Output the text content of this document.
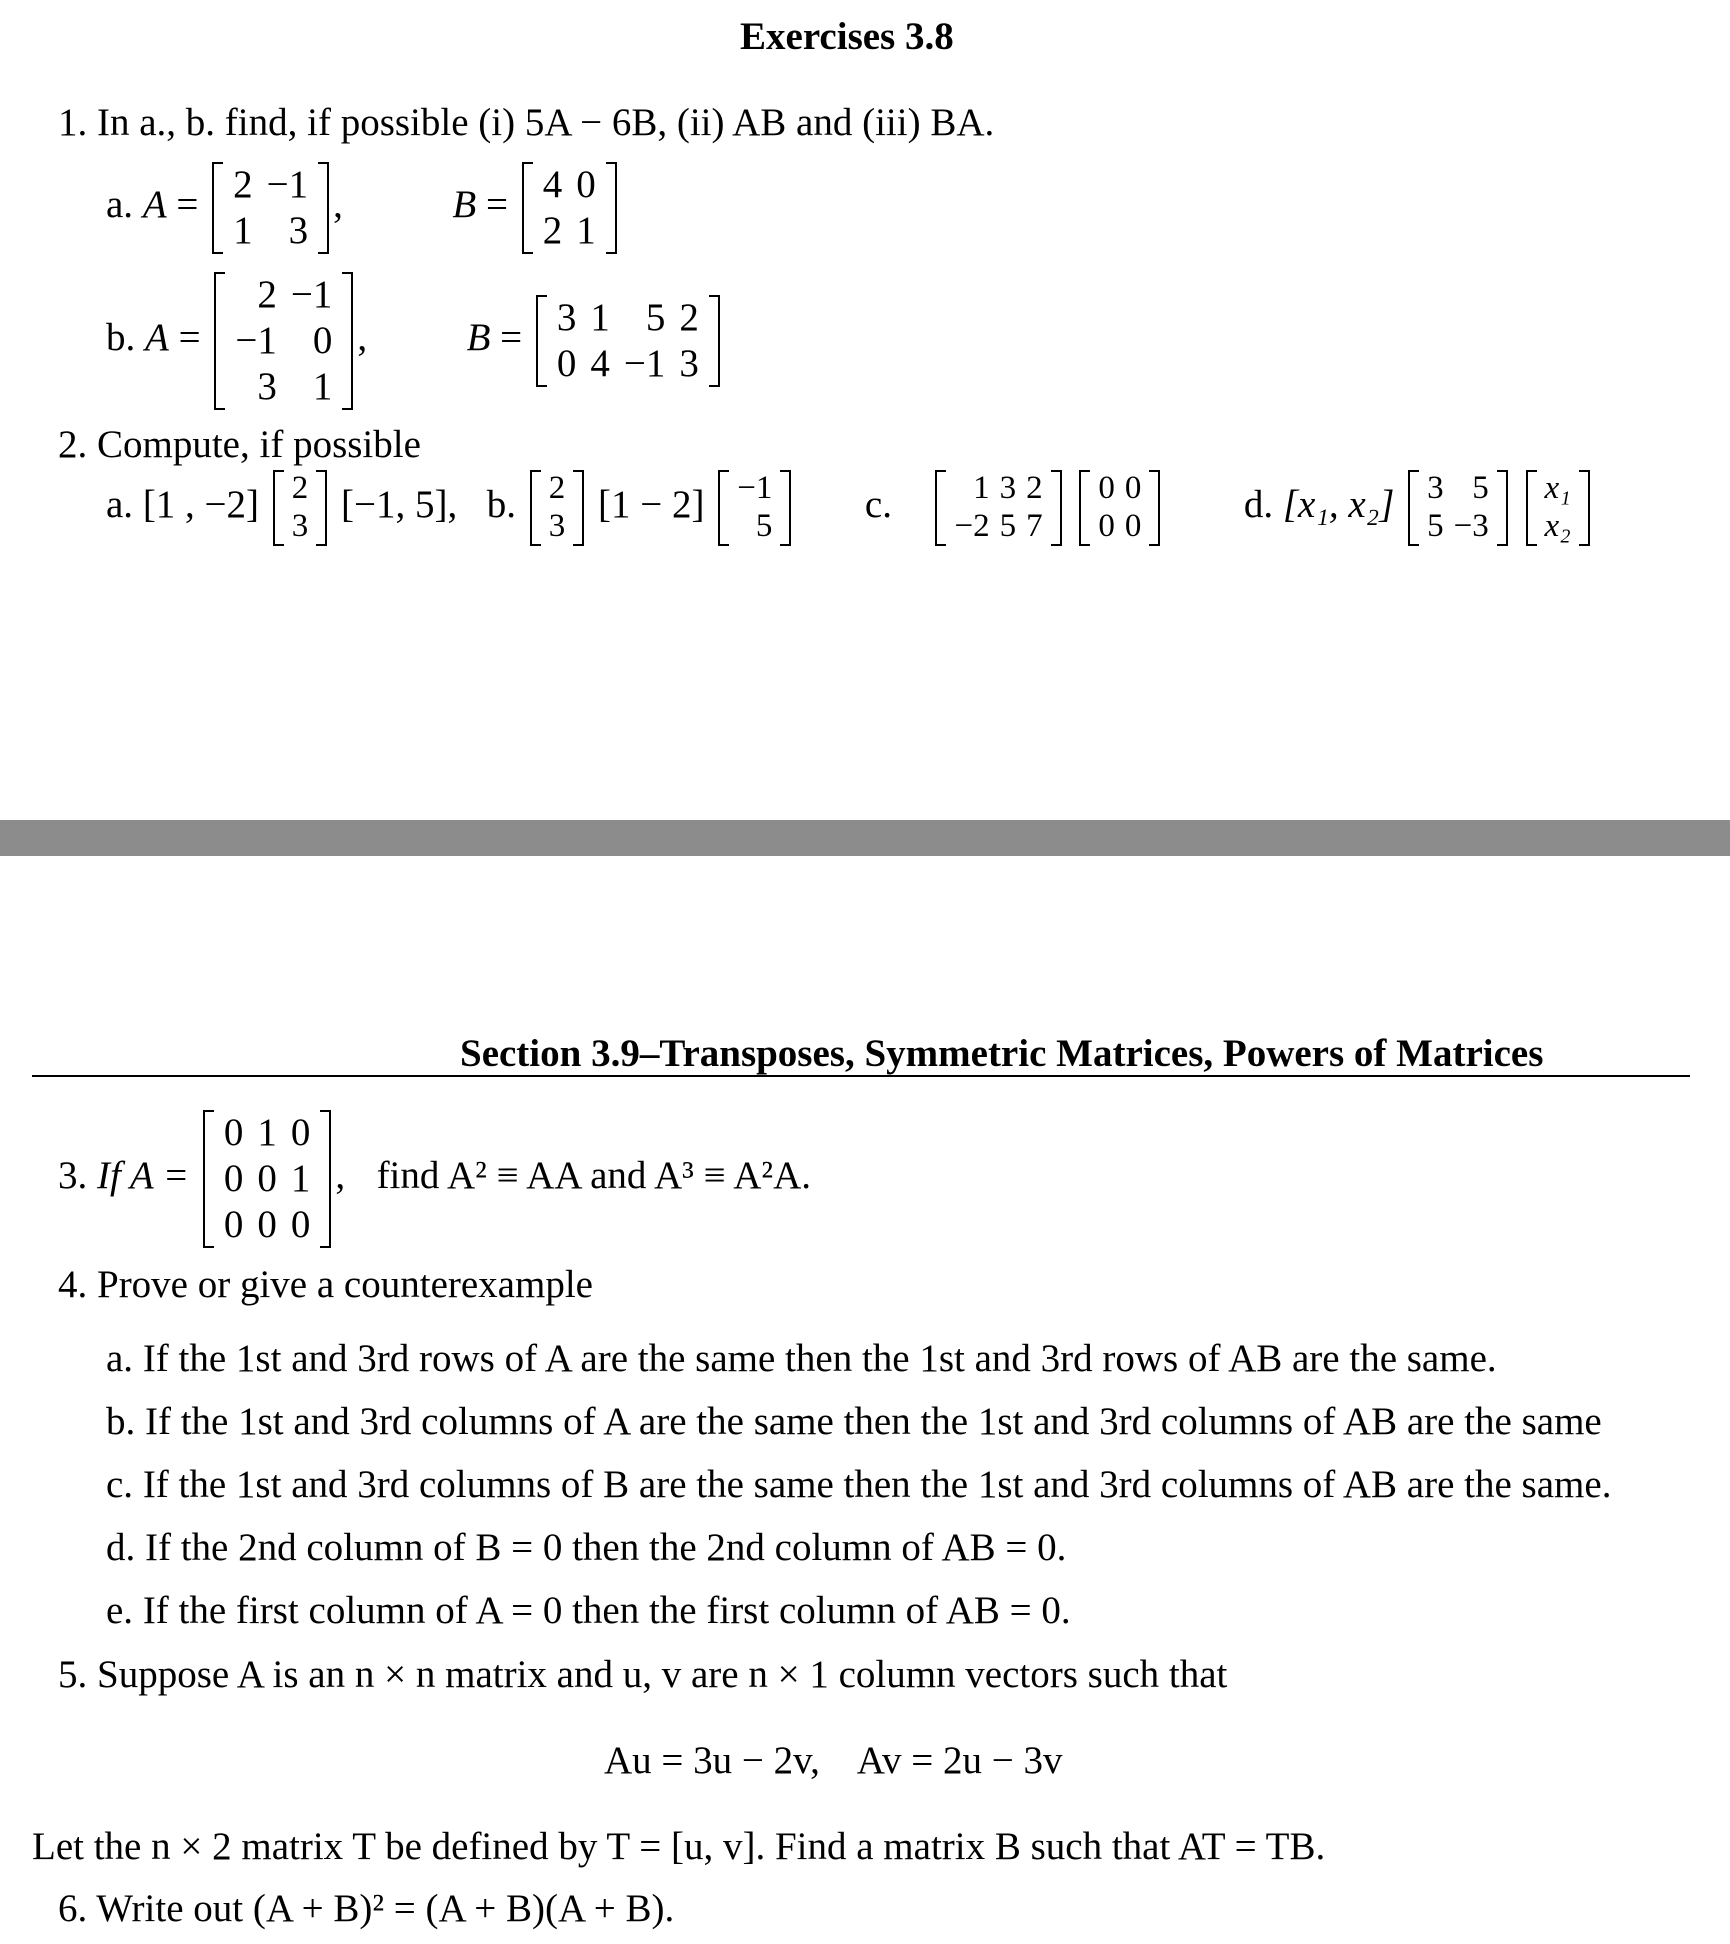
Exercises 3.8
1. In a., b. find, if possible (i) 5A − 6B, (ii) AB and (iii) BA.
a. A = 2	−1
1	3
,	B = 4	0
2	1
b. A =
2	−1
−1	0
3	1
,  B = 3	1	5	2
0	4	−1	3
2. Compute, if possible
a. [1 , −2] 2
3
[−1, 5], b. 2
3
[1 − 2] −1
5
c. 1	3	2
−2	5	7

0	0
0	0
d. [x₁, x₂] 3	5
5	−3

x₁
x₂
Section 3.9–Transposes, Symmetric Matrices, Powers of Matrices
3. If A =
0	1	0
0	0	1
0	0	0
,  find A² ≡ AA and A³ ≡ A²A.
4. Prove or give a counterexample
a. If the 1st and 3rd rows of A are the same then the 1st and 3rd rows of AB are the same.
b. If the 1st and 3rd columns of A are the same then the 1st and 3rd columns of AB are the same
c. If the 1st and 3rd columns of B are the same then the 1st and 3rd columns of AB are the same.
d. If the 2nd column of B = 0 then the 2nd column of AB = 0.
e. If the first column of A = 0 then the first column of AB = 0.
5. Suppose A is an n × n matrix and u, v are n × 1 column vectors such that
Au = 3u − 2v,    Av = 2u − 3v
Let the n × 2 matrix T be defined by T = [u, v]. Find a matrix B such that AT = TB.
6. Write out (A + B)² = (A + B)(A + B).
